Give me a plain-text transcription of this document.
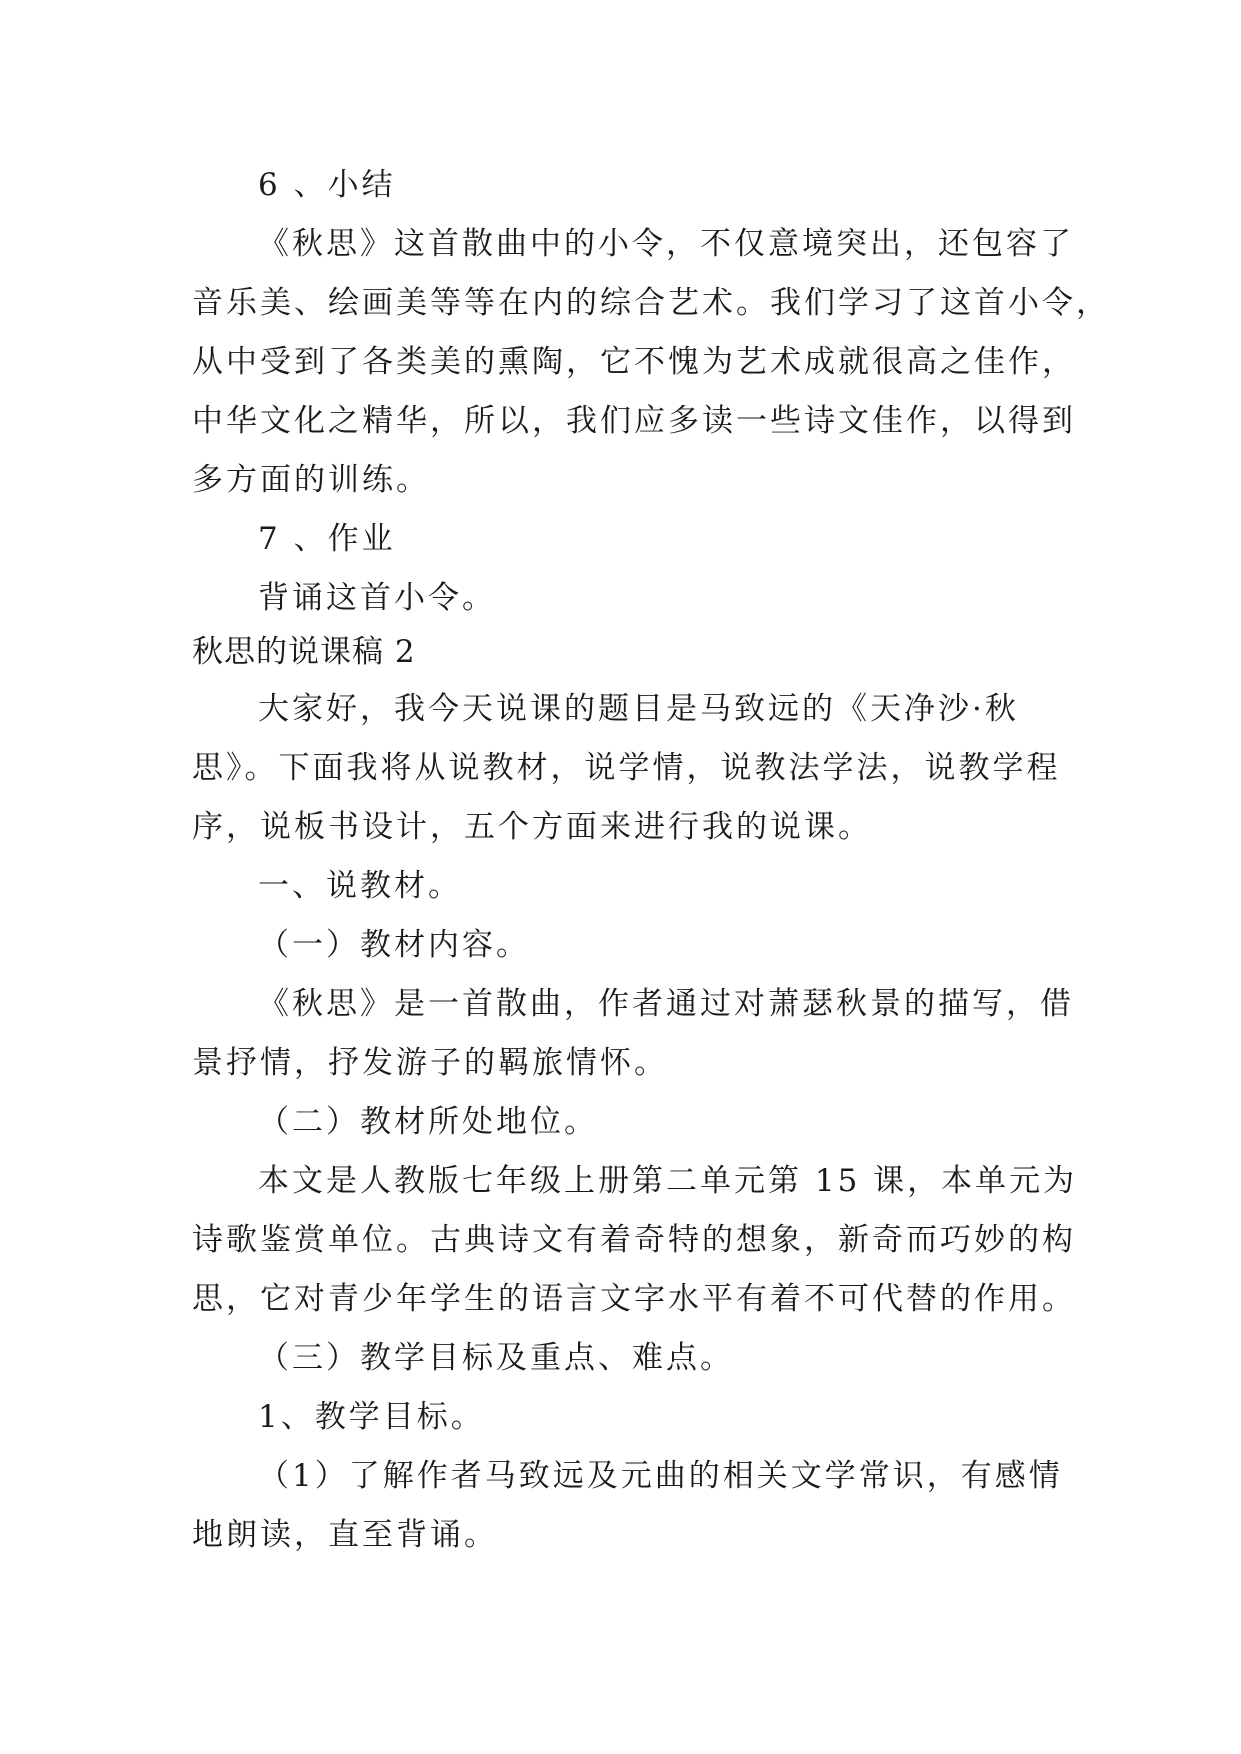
6 、小结
《秋思》这首散曲中的小令，不仅意境突出，还包容了
音乐美、绘画美等等在内的综合艺术。我们学习了这首小令，
从中受到了各类美的熏陶，它不愧为艺术成就很高之佳作，
中华文化之精华，所以，我们应多读一些诗文佳作，以得到
多方面的训练。
7 、作业
背诵这首小令。
秋思的说课稿 2
大家好，我今天说课的题目是马致远的《天净沙·秋
思》。下面我将从说教材，说学情，说教法学法，说教学程
序，说板书设计，五个方面来进行我的说课。
一、说教材。
（一）教材内容。
《秋思》是一首散曲，作者通过对萧瑟秋景的描写，借
景抒情，抒发游子的羁旅情怀。
（二）教材所处地位。
本文是人教版七年级上册第二单元第 15 课，本单元为
诗歌鉴赏单位。古典诗文有着奇特的想象，新奇而巧妙的构
思，它对青少年学生的语言文字水平有着不可代替的作用。
（三）教学目标及重点、难点。
1、教学目标。
（1）了解作者马致远及元曲的相关文学常识，有感情
地朗读，直至背诵。
